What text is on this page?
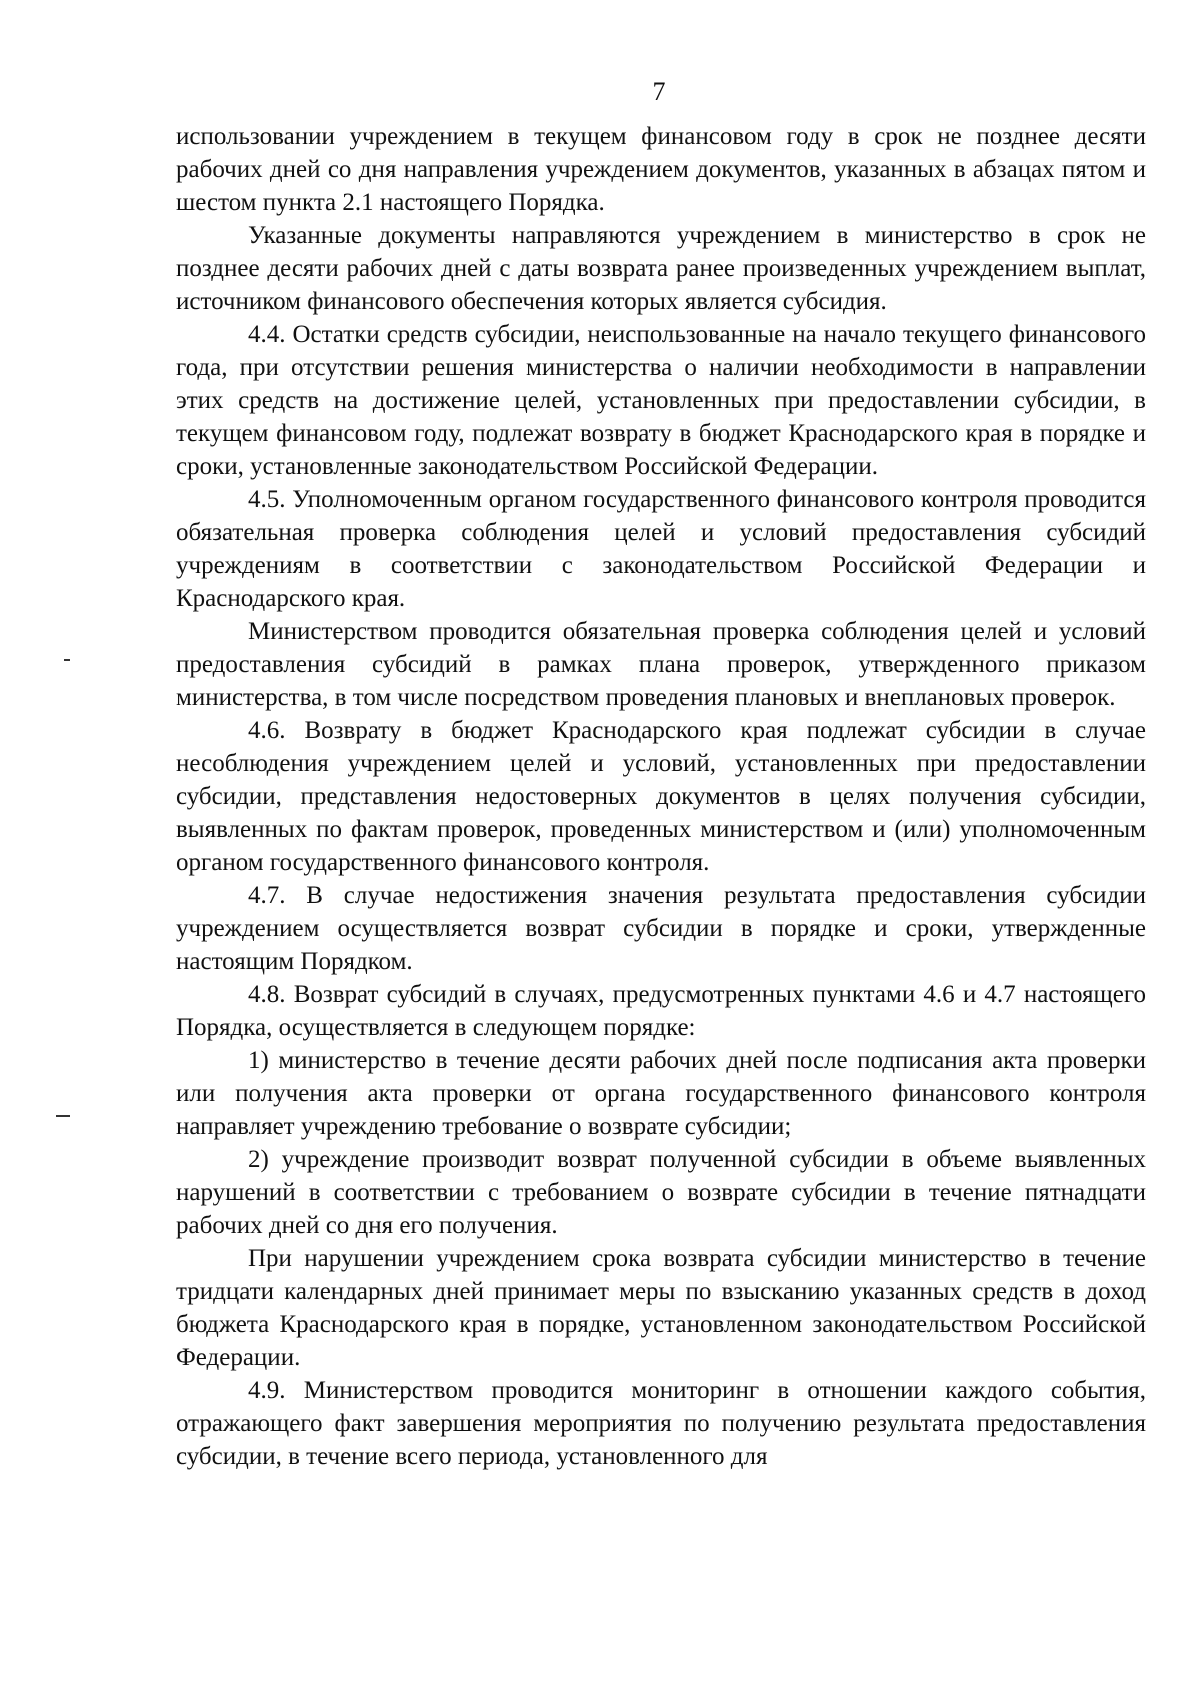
7

использовании учреждением в текущем финансовом году в срок не позднее десяти рабочих дней со дня направления учреждением документов, указанных в абзацах пятом и шестом пункта 2.1 настоящего Порядка.

Указанные документы направляются учреждением в министерство в срок не позднее десяти рабочих дней с даты возврата ранее произведенных учреждением выплат, источником финансового обеспечения которых является субсидия.

4.4. Остатки средств субсидии, неиспользованные на начало текущего финансового года, при отсутствии решения министерства о наличии необходимости в направлении этих средств на достижение целей, установленных при предоставлении субсидии, в текущем финансовом году, подлежат возврату в бюджет Краснодарского края в порядке и сроки, установленные законодательством Российской Федерации.

4.5. Уполномоченным органом государственного финансового контроля проводится обязательная проверка соблюдения целей и условий предоставления субсидий учреждениям в соответствии с законодательством Российской Федерации и Краснодарского края.

Министерством проводится обязательная проверка соблюдения целей и условий предоставления субсидий в рамках плана проверок, утвержденного приказом министерства, в том числе посредством проведения плановых и внеплановых проверок.

4.6. Возврату в бюджет Краснодарского края подлежат субсидии в случае несоблюдения учреждением целей и условий, установленных при предоставлении субсидии, представления недостоверных документов в целях получения субсидии, выявленных по фактам проверок, проведенных министерством и (или) уполномоченным органом государственного финансового контроля.

4.7. В случае недостижения значения результата предоставления субсидии учреждением осуществляется возврат субсидии в порядке и сроки, утвержденные настоящим Порядком.

4.8. Возврат субсидий в случаях, предусмотренных пунктами 4.6 и 4.7 настоящего Порядка, осуществляется в следующем порядке:

1) министерство в течение десяти рабочих дней после подписания акта проверки или получения акта проверки от органа государственного финансового контроля направляет учреждению требование о возврате субсидии;

2) учреждение производит возврат полученной субсидии в объеме выявленных нарушений в соответствии с требованием о возврате субсидии в течение пятнадцати рабочих дней со дня его получения.

При нарушении учреждением срока возврата субсидии министерство в течение тридцати календарных дней принимает меры по взысканию указанных средств в доход бюджета Краснодарского края в порядке, установленном законодательством Российской Федерации.

4.9. Министерством проводится мониторинг в отношении каждого события, отражающего факт завершения мероприятия по получению результата предоставления субсидии, в течение всего периода, установленного для
